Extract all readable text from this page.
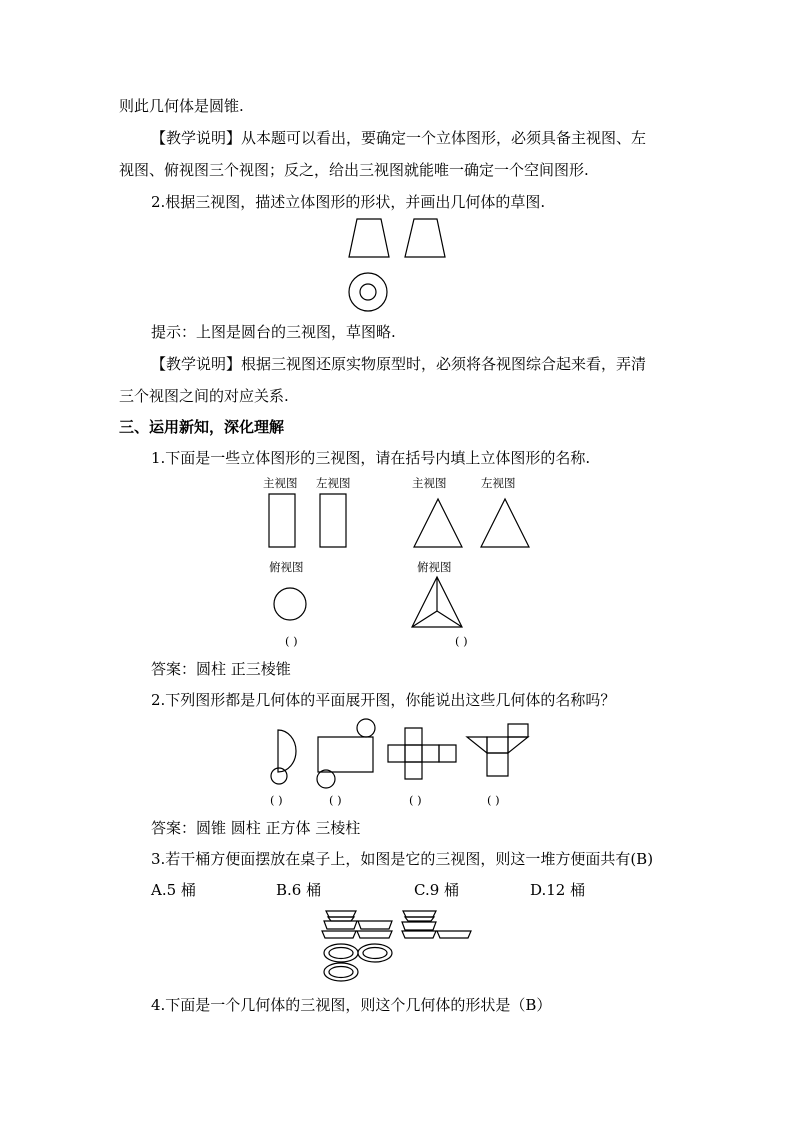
则此几何体是圆锥.
【教学说明】从本题可以看出，要确定一个立体图形，必须具备主视图、左
视图、俯视图三个视图；反之，给出三视图就能唯一确定一个空间图形.
2.根据三视图，描述立体图形的形状，并画出几何体的草图.
提示：上图是圆台的三视图，草图略.
【教学说明】根据三视图还原实物原型时，必须将各视图综合起来看，弄清
三个视图之间的对应关系.
三、运用新知，深化理解
1.下面是一些立体图形的三视图，请在括号内填上立体图形的名称.
答案：圆柱 正三棱锥
2.下列图形都是几何体的平面展开图，你能说出这些几何体的名称吗？
答案：圆锥 圆柱 正方体 三棱柱
3.若干桶方便面摆放在桌子上，如图是它的三视图，则这一堆方便面共有(B)
A.5 桶	B.6 桶	C.9 桶	D.12 桶
4.下面是一个几何体的三视图，则这个几何体的形状是（B）
主视图 左视图	主视图	左视图
俯视图	俯视图
( )	( )
( )	( )	( )	( )
